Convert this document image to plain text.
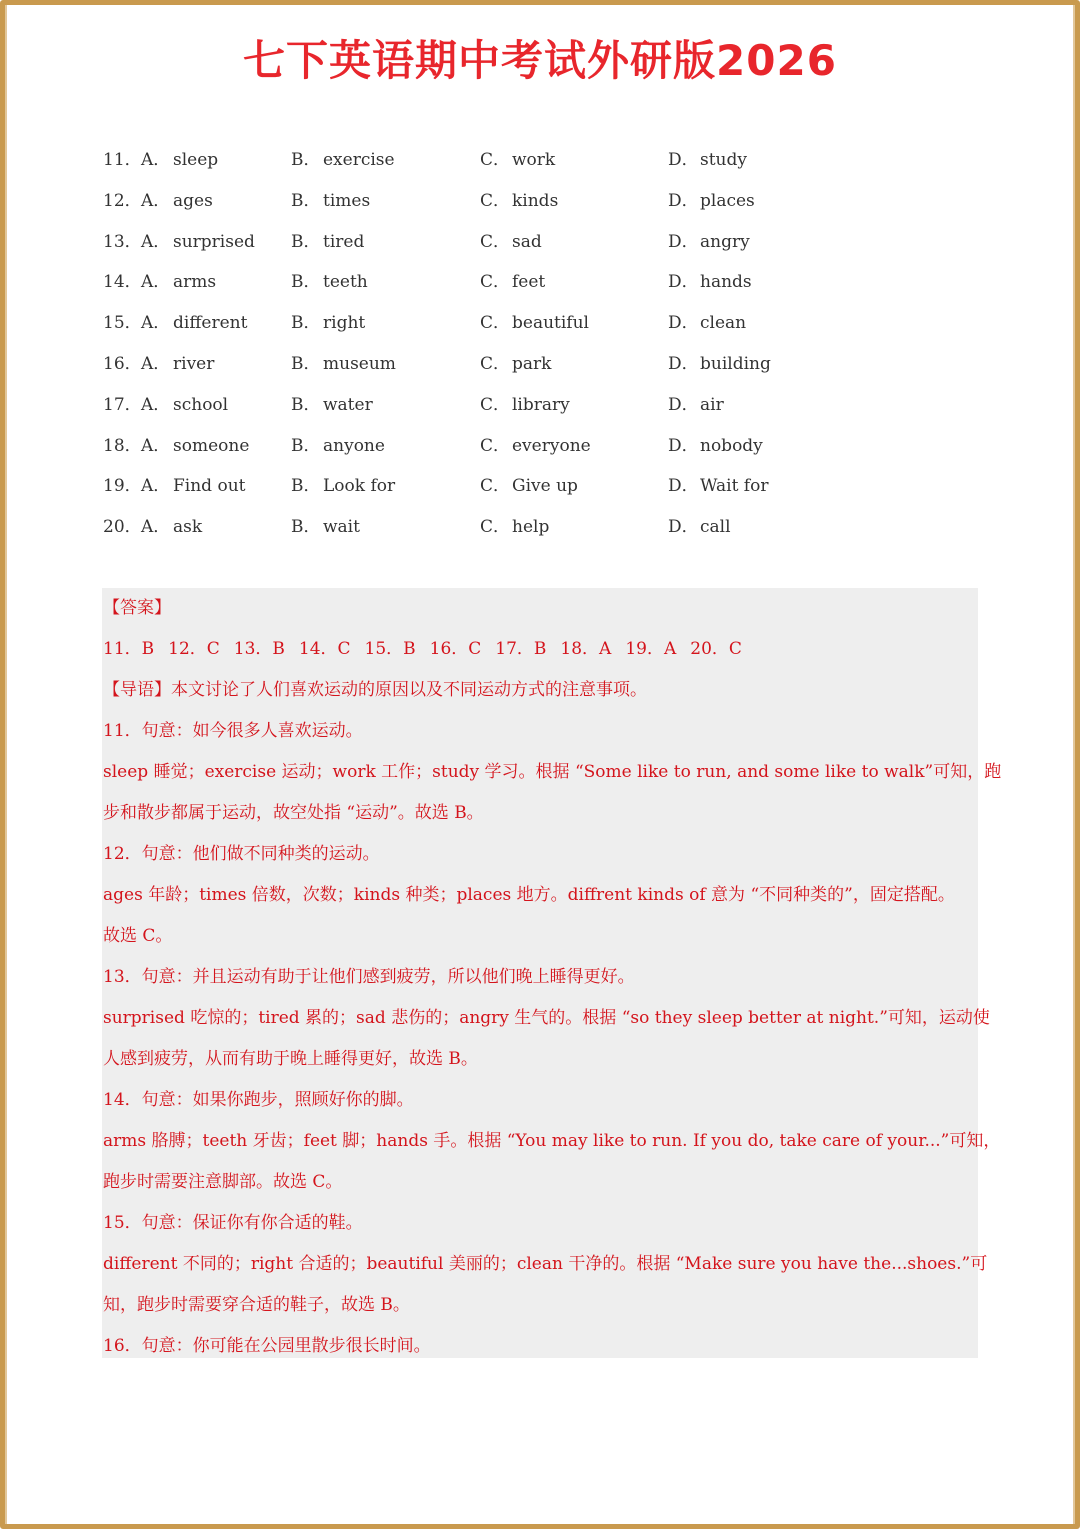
七下英语期中考试外研版2026
11． A． sleep	B． exercise	C． work	D．study
12． A． ages	B． times	C． kinds	D．places
13． A． surprised B． tired	C． sad	D．angry
14． A． arms	B． teeth	C． feet	D．hands
15． A． different	B． right	C． beautiful	D．clean
16． A． river	B． museum	C． park	D．building
17． A． school	B． water	C． library	D．air
18． A． someone B． anyone	C． everyone	D．nobody
19． A． Find out	B． Look for	C． Give up	D．Wait for
20． A． ask	B． wait	C． help	D．call
【答案】
11．B 12．C 13．B 14．C 15．B 16．C 17．B 18．A 19．A 20．C
【导语】本文讨论了人们喜欢运动的原因以及不同运动方式的注意事项。
11．句意：如今很多人喜欢运动。
sleep 睡觉；exercise 运动；work 工作；study 学习。根据 “Some like to run, and some like to walk”可知，跑
步和散步都属于运动，故空处指 “运动”。故选 B。
12．句意：他们做不同种类的运动。
ages 年龄；times 倍数，次数；kinds 种类；places 地方。diffrent kinds of 意为 “不同种类的”，固定搭配。
故选 C。
13．句意：并且运动有助于让他们感到疲劳，所以他们晚上睡得更好。
surprised 吃惊的；tired 累的；sad 悲伤的；angry 生气的。根据 “so they sleep better at night.”可知，运动使
人感到疲劳，从而有助于晚上睡得更好，故选 B。
14．句意：如果你跑步，照顾好你的脚。
arms 胳膊；teeth 牙齿；feet 脚；hands 手。根据 “You may like to run. If you do, take care of your...”可知，
跑步时需要注意脚部。故选 C。
15．句意：保证你有你合适的鞋。
different 不同的；right 合适的；beautiful 美丽的；clean 干净的。根据 “Make sure you have the...shoes.”可
知，跑步时需要穿合适的鞋子，故选 B。
16．句意：你可能在公园里散步很长时间。
